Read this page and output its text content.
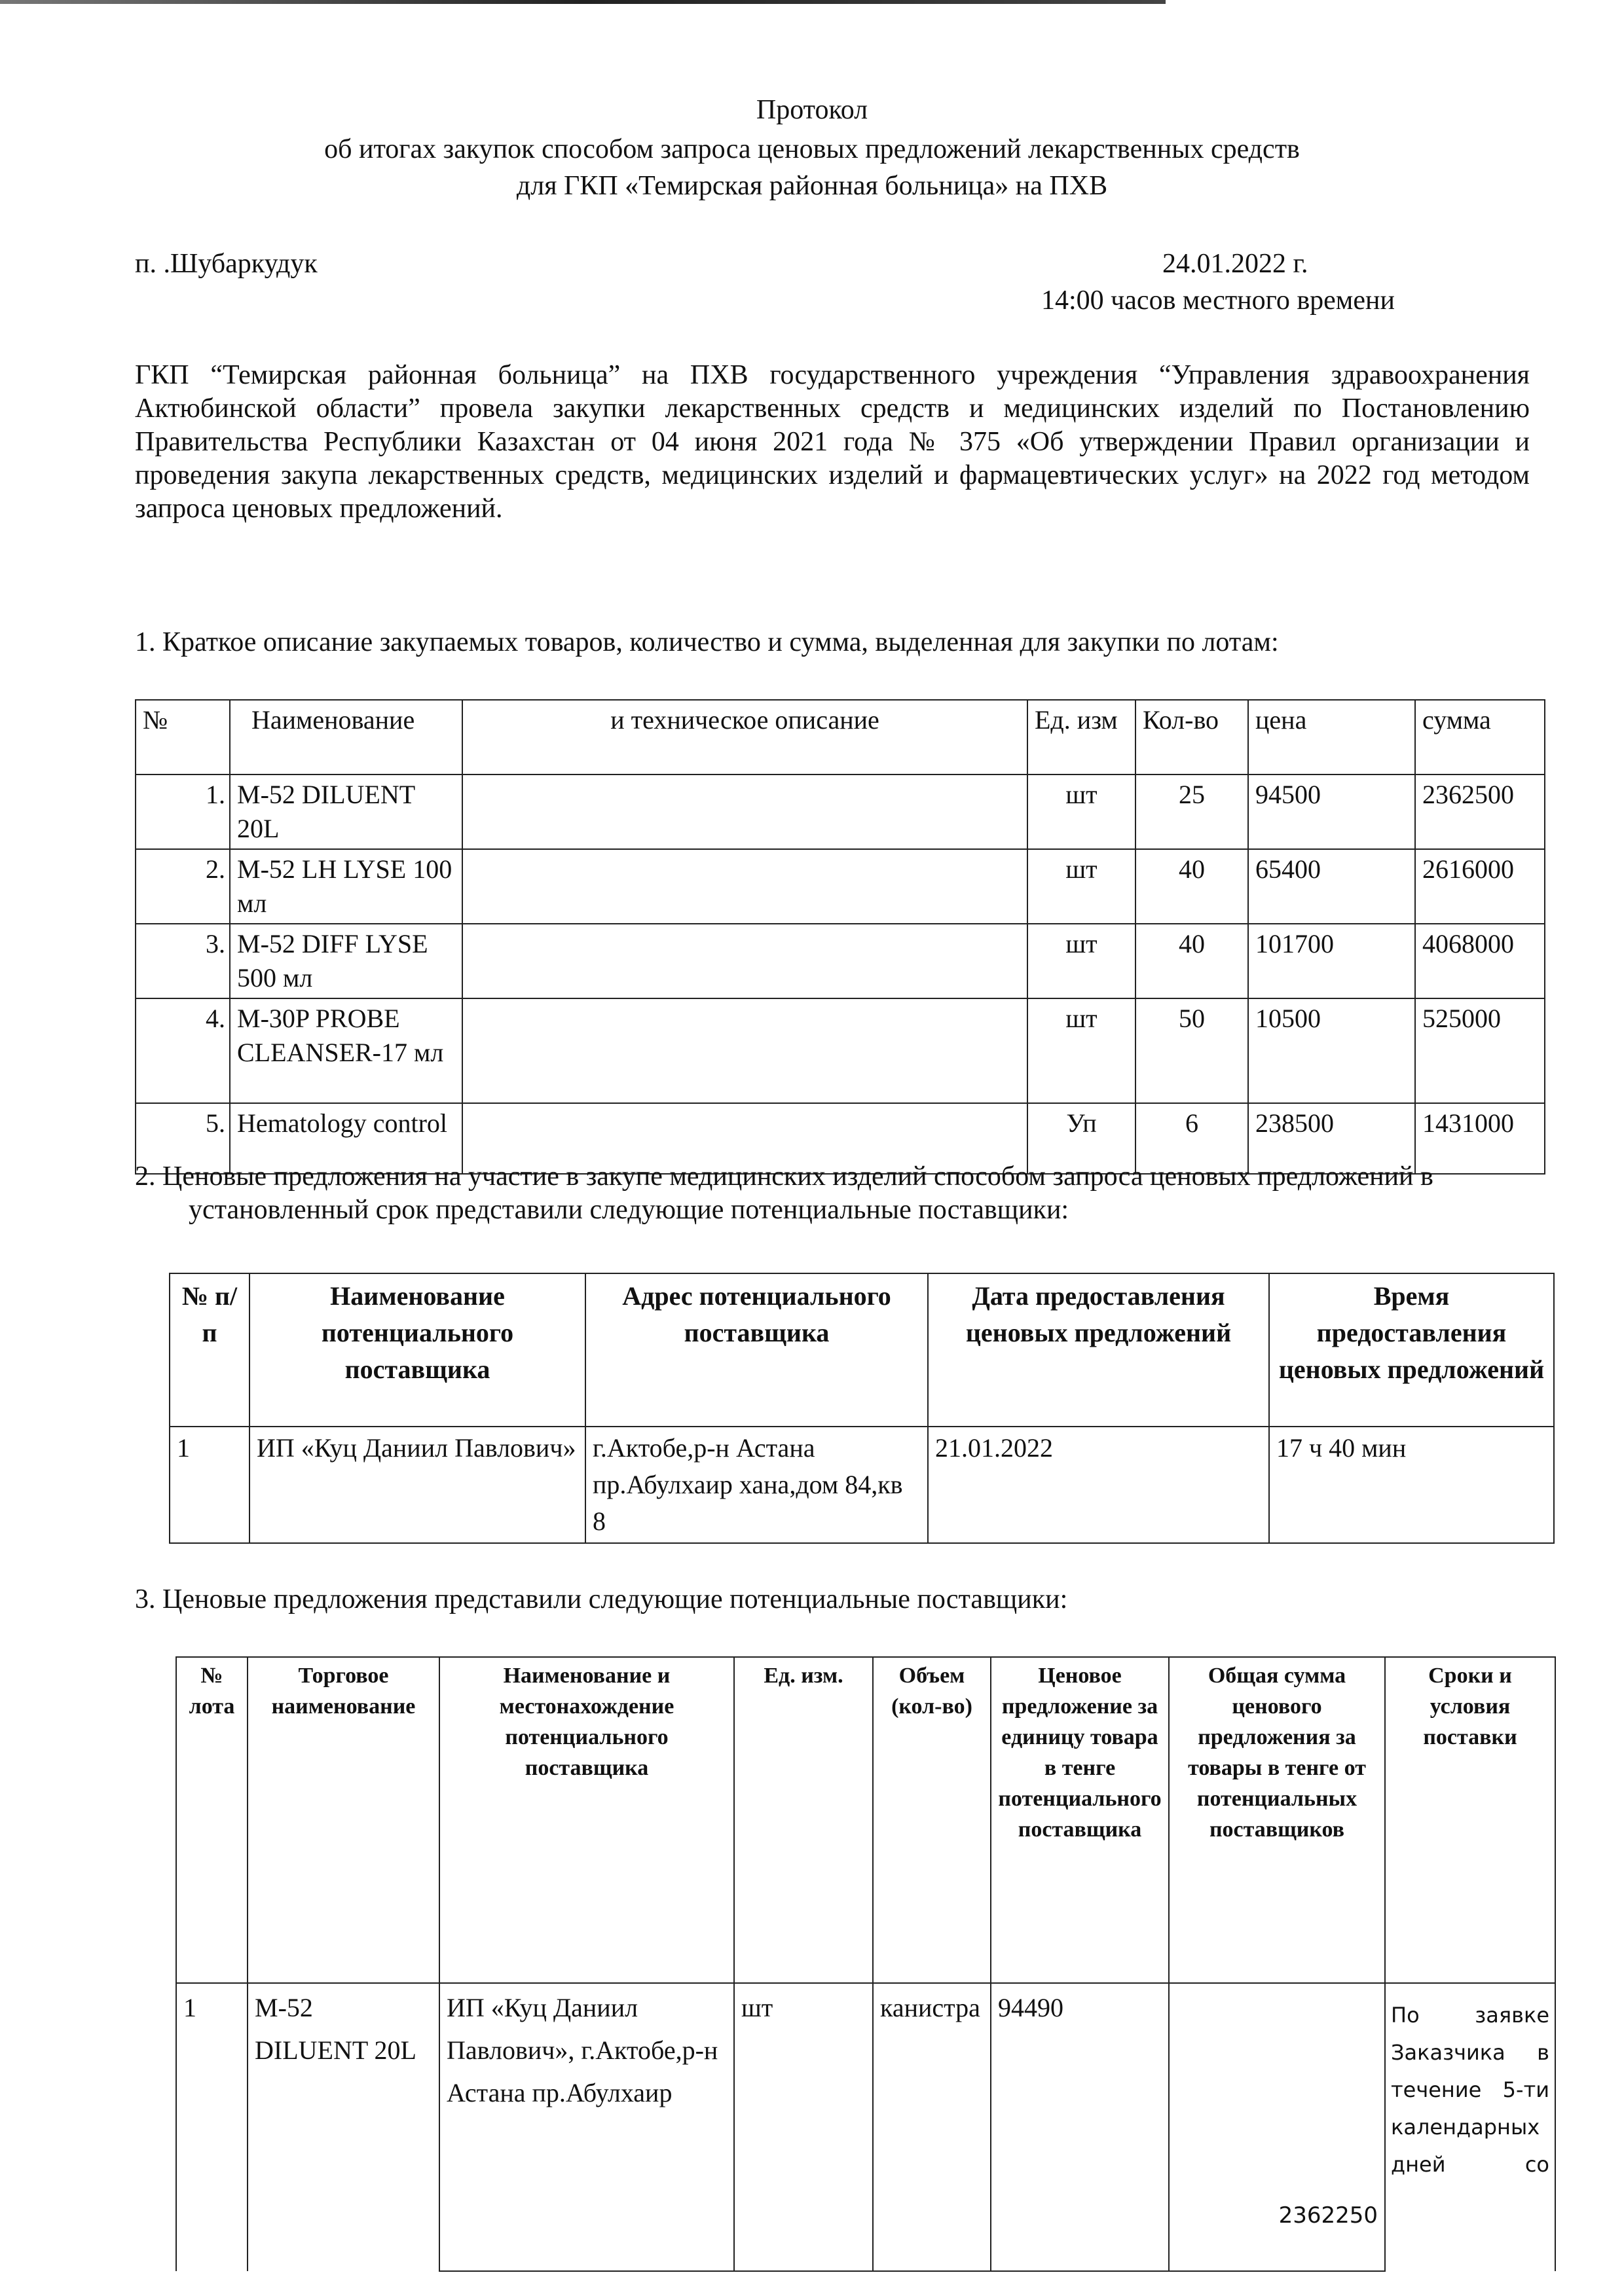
Протокол
об итогах закупок способом запроса ценовых предложений лекарственных средств
для ГКП «Темирская районная больница» на ПХВ
п. .Шубаркудук	24.01.2022 г.
14:00 часов местного времени
ГКП “Темирская районная больница” на ПХВ государственного учреждения “Управления здравоохранения Актюбинской области” провела закупки лекарственных средств и медицинских изделий по Постановлению Правительства Республики Казахстан от 04 июня 2021 года № 375 «Об утверждении Правил организации и проведения закупа лекарственных средств, медицинских изделий и фармацевтических услуг» на 2022 год методом запроса ценовых предложений.
1. Краткое описание закупаемых товаров, количество и сумма, выделенная для закупки по лотам:
№	Наименование	и техническое описание	Ед. изм	Кол-во	цена	сумма
1.	M-52 DILUENT 20L		шт	25	94500	2362500
2.	M-52 LH LYSE 100 мл		шт	40	65400	2616000
3.	M-52 DIFF LYSE 500 мл		шт	40	101700	4068000
4.	M-30P PROBE CLEANSER-17 мл		шт	50	10500	525000
5.	Hematology control		Уп	6	238500	1431000
2. Ценовые предложения на участие в закупе медицинских изделий способом запроса ценовых предложений в установленный срок представили следующие потенциальные поставщики:
№ п/п	Наименование потенциального поставщика	Адрес потенциального поставщика	Дата предоставления ценовых предложений	Время предоставления ценовых предложений
1	ИП «Куц Даниил Павлович»	г.Актобе,р-н Астана пр.Абулхаир хана,дом 84,кв 8	21.01.2022	17 ч 40 мин
3. Ценовые предложения представили следующие потенциальные поставщики:
№ лота	Торговое наименование	Наименование и местонахождение потенциального поставщика	Ед. изм.	Объем (кол-во)	Ценовое предложение за единицу товара в тенге потенциального поставщика	Общая сумма ценового предложения за товары в тенге от потенциальных поставщиков	Сроки и условия поставки
1	M-52 DILUENT 20L	ИП «Куц Даниил Павлович», г.Актобе,р-н Астана пр.Абулхаир	шт	канистра	94490	2362250	По заявке Заказчика в течение 5-ти календарных дней со
